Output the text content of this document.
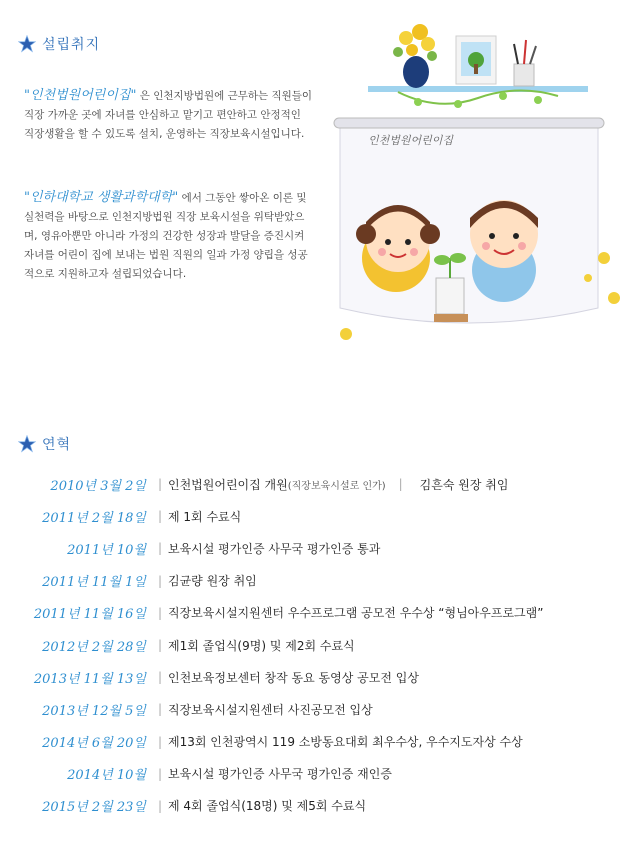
설립취지
"인천법원어린이집" 은 인천지방법원에 근무하는 직원들이 직장 가까운 곳에 자녀를 안심하고 맡기고 편안하고 안정적인 직장생활을 할 수 있도록 설치, 운영하는 직장보육시설입니다.
"인하대학교 생활과학대학" 에서 그동안 쌓아온 이론 및 실천력을 바탕으로 인천지방법원 직장 보육시설을 위탁받았으며, 영유아뿐만 아니라 가정의 건강한 성장과 발달을 증진시켜 자녀를 어린이 집에 보내는 법원 직원의 일과 가정 양립을 성공적으로 지원하고자 설립되었습니다.
인천법원어린이집
연혁
2010년 3월 2일 | 인천법원어린이집 개원 (직장보육시설로 인가)	|	김흔숙 원장 취임
2011년 2월 18일 | 제 1회 수료식
2011년 10월 | 보육시설 평가인증 사무국 평가인증 통과
2011년 11월 1일 | 김균량 원장 취임
2011년 11월 16일 | 직장보육시설지원센터 우수프로그램 공모전 우수상 “형님아우프로그램”
2012년 2월 28일 | 제1회 졸업식(9명) 및 제2회 수료식
2013년 11월 13일 | 인천보육정보센터 창작 동요 동영상 공모전 입상
2013년 12월 5일 | 직장보육시설지원센터 사진공모전 입상
2014년 6월 20일 | 제13회 인천광역시 119 소방동요대회 최우수상, 우수지도자상 수상
2014년 10월 | 보육시설 평가인증 사무국 평가인증 재인증
2015년 2월 23일 | 제 4회 졸업식(18명) 및 제5회 수료식
